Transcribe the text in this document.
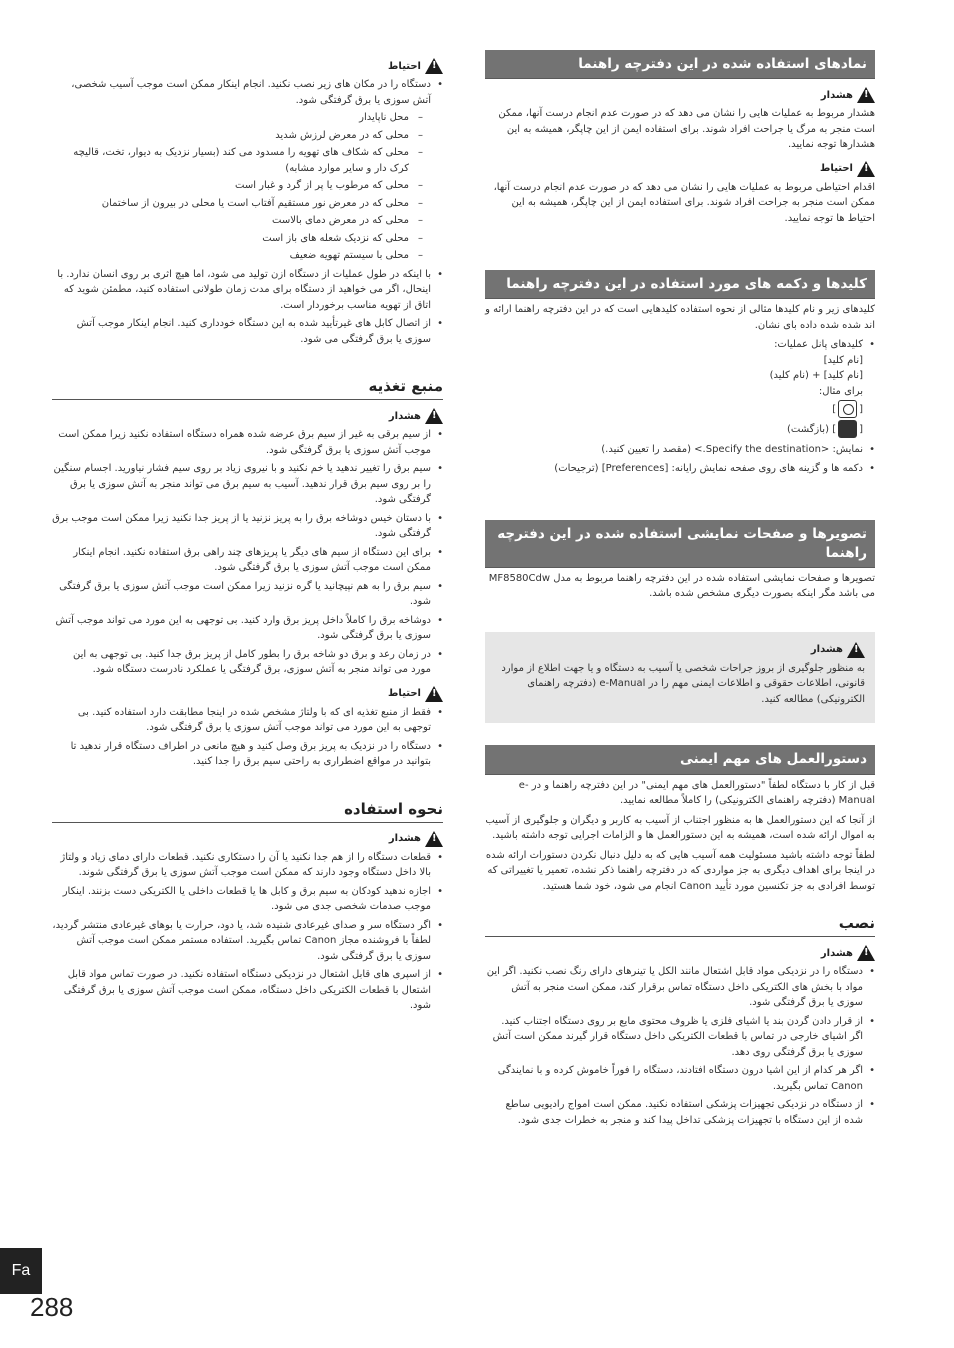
نمادهای استفاده شده در این دفترچه راهنما
!
هشدار

هشدار مربوط به عملیات هایی را نشان می دهد که در صورت عدم انجام درست آنها، ممکن است منجر به مرگ یا جراحت افراد شوند. برای استفاده ایمن از این چاپگر، همیشه به این هشدارها توجه نمایید.

!
احتیاط

اقدام احتیاطی مربوط به عملیات هایی را نشان می دهد که در صورت عدم انجام درست آنها، ممکن است منجر به جراحت افراد شوند. برای استفاده ایمن از این چاپگر، همیشه به این احتیاط ها توجه نمایید.

کلیدها و دکمه های مورد استفاده در این دفترچه راهنما

کلیدهای زیر و نام کلیدها مثالی از نحوه استفاده کلیدهایی است که در این دفترچه راهنما ارائه و اند شده شده داده بای نشان.

• کلیدهای پانل عملیات:
[نام کلید]
[نام کلید] + (نام کلید)
برای مثال:
[]
[] (بازگشت)
• نمایش: <Specify the destination.> (مقصد را تعیین کنید.)
• دکمه ها و گزینه های روی صفحه نمایش رایانه: [Preferences] (ترجیحات)
تصویرها و صفحات نمایشی استفاده شده در این دفترچه راهنما

تصویرها و صفحات نمایشی استفاده شده در این دفترچه راهنما مربوط به مدل MF8580Cdw می باشد مگر اینکه بصورت دیگری مشخص شده باشد.

!
هشدار

به منظور جلوگیری از بروز جراحات شخصی یا آسیب به دستگاه و یا جهت اطلاع از موارد قانونی، اطلاعات حقوقی و اطلاعات ایمنی مهم را در e-Manual (دفترچه راهنمای الکترونیکی) مطالعه کنید.

دستورالعمل های مهم ایمنی

قبل از کار با دستگاه لطفاً "دستورالعمل های مهم ایمنی" در این دفترچه راهنما و در e-Manual (دفترچه راهنمای الکترونیکی) را کاملاً مطالعه نمایید.

از آنجا که این دستورالعمل ها به منظور اجتناب از آسیب به کاربر و دیگران و جلوگیری از آسیب به اموال ارائه شده است، همیشه به این دستورالعمل ها و الزامات اجرایی توجه داشته باشید.

لطفاً توجه داشته باشید مسئولیت همه آسیب هایی که به دلیل دنبال نکردن دستورات ارائه شده در اینجا برای اهداف دیگری به جز مواردی که در دفترچه راهنما ذکر نشده، تعمیر یا تغییراتی که توسط افرادی به جز تکنسین مورد تأیید Canon انجام می شود، خود شما هستید.

نصب
!
هشدار
• دستگاه را در نزدیکی مواد قابل اشتعال مانند الکل یا تینرهای دارای رنگ نصب نکنید. اگر این مواد با بخش های الکتریکی داخل دستگاه تماس برقرار کند، ممکن است منجر به آتش سوزی یا برق گرفتگی شود.
• از قرار دادن گردن بند یا اشیای فلزی یا ظروف محتوی مایع بر روی دستگاه اجتناب کنید. اگر اشیای خارجی در تماس با قطعات الکتریکی داخل دستگاه قرار گیرند ممکن است آتش سوزی یا برق گرفتگی روی دهد.
• اگر هر کدام از این اشیا درون دستگاه افتادند، دستگاه را فوراً خاموش کرده و با نمایندگی Canon تماس بگیرید.
• از دستگاه در نزدیکی تجهیزات پزشکی استفاده نکنید. ممکن است امواج رادیویی ساطع شده از این دستگاه با تجهیزات پزشکی تداخل پیدا کند و منجر به خطرات جدی شود.
!
احتیاط
• دستگاه را در مکان های زیر نصب نکنید. انجام اینکار ممکن است موجب آسیب شخصی، آتش سوزی یا برق گرفتگی شود.
– محل ناپایدار
– محلی که در معرض لرزش شدید
– محلی که شکاف های تهویه را مسدود می کند (بسیار نزدیک به دیوار، تخت، قالیچه کرک دار و سایر موارد مشابه)
– محلی که مرطوب یا پر از گرد و غبار است
– محلی که در معرض نور مستقیم آفتاب است یا محلی در بیرون از ساختمان
– محلی که در معرض دمای بالاست
– محلی که نزدیک شعله های باز است
– محلی با سیستم تهویه ضعیف
• با اینکه در طول عملیات از دستگاه ازن تولید می شود، اما هیچ اثری بر روی انسان ندارد. با اینحال، اگر می خواهید از دستگاه برای مدت زمان طولانی استفاده کنید، مطمئن شوید که اتاق از تهویه مناسب برخوردار است.
• از اتصال کابل های غیرتأیید شده به این دستگاه خودداری کنید. انجام اینکار موجب آتش سوزی یا برق گرفتگی می شود.
منبع تغذیه
!
هشدار
• از سیم برقی به غیر از سیم برق عرضه شده همراه دستگاه استفاده نکنید زیرا ممکن است موجب آتش سوزی یا برق گرفتگی شود.
• سیم برق را تغییر ندهید یا خم نکنید و با نیروی زیاد بر روی سیم فشار نیاورید. اجسام سنگین را بر روی سیم برق قرار ندهید. آسیب به سیم برق می تواند منجر به آتش سوزی یا برق گرفتگی شود.
• با دستان خیس دوشاخه برق را به پریز نزنید یا از پریز جدا نکنید زیرا ممکن است موجب برق گرفتگی شود.
• برای این دستگاه از سیم های دیگر یا پریزهای چند راهی برق استفاده نکنید. انجام اینکار ممکن است موجب آتش سوزی یا برق گرفتگی شود.
• سیم برق را به هم نپیچانید یا گره نزنید زیرا ممکن است موجب آتش سوزی یا برق گرفتگی شود.
• دوشاخه برق را کاملاً داخل پریز برق وارد کنید. بی توجهی به این مورد می تواند موجب آتش سوزی یا برق گرفتگی شود.
• در زمان رعد و برق دو شاخه برق را بطور کامل از پریز برق جدا کنید. بی توجهی به این مورد می تواند منجر به آتش سوزی، برق گرفتگی یا عملکرد نادرست دستگاه شود.
!
احتیاط
• فقط از منبع تغذیه ای که با ولتاژ مشخص شده در اینجا مطابقت دارد استفاده کنید. بی توجهی به این مورد می تواند موجب آتش سوزی یا برق گرفتگی شود.
• دستگاه را در نزدیک به پریز برق وصل کنید و هیچ مانعی در اطراف دستگاه قرار ندهید تا بتوانید در مواقع اضطراری به راحتی سیم برق را جدا کنید.
نحوه استفاده
!
هشدار
• قطعات دستگاه را از هم جدا نکنید یا آن را دستکاری نکنید. قطعات دارای دمای زیاد و ولتاژ بالا داخل دستگاه وجود دارند که ممکن است موجب آتش سوزی یا برق گرفتگی شوند.
• اجازه ندهید کودکان به سیم برق و کابل ها یا قطعات داخلی یا الکتریکی دست بزنند. اینکار موجب صدمات شخصی جدی می شود.
• اگر دستگاه سر و صدای غیرعادی شنیده شد، یا دود، حرارت یا بوهای غیرعادی منتشر گردید، لطفاً با فروشنده مجاز Canon تماس بگیرید. استفاده مستمر ممکن است موجب آتش سوزی یا برق گرفتگی شود.
• از اسپری های قابل اشتعال در نزدیکی دستگاه استفاده نکنید. در صورت تماس مواد قابل اشتعال با قطعات الکتریکی داخل دستگاه، ممکن است موجب آتش سوزی یا برق گرفتگی شود.
Fa
288
